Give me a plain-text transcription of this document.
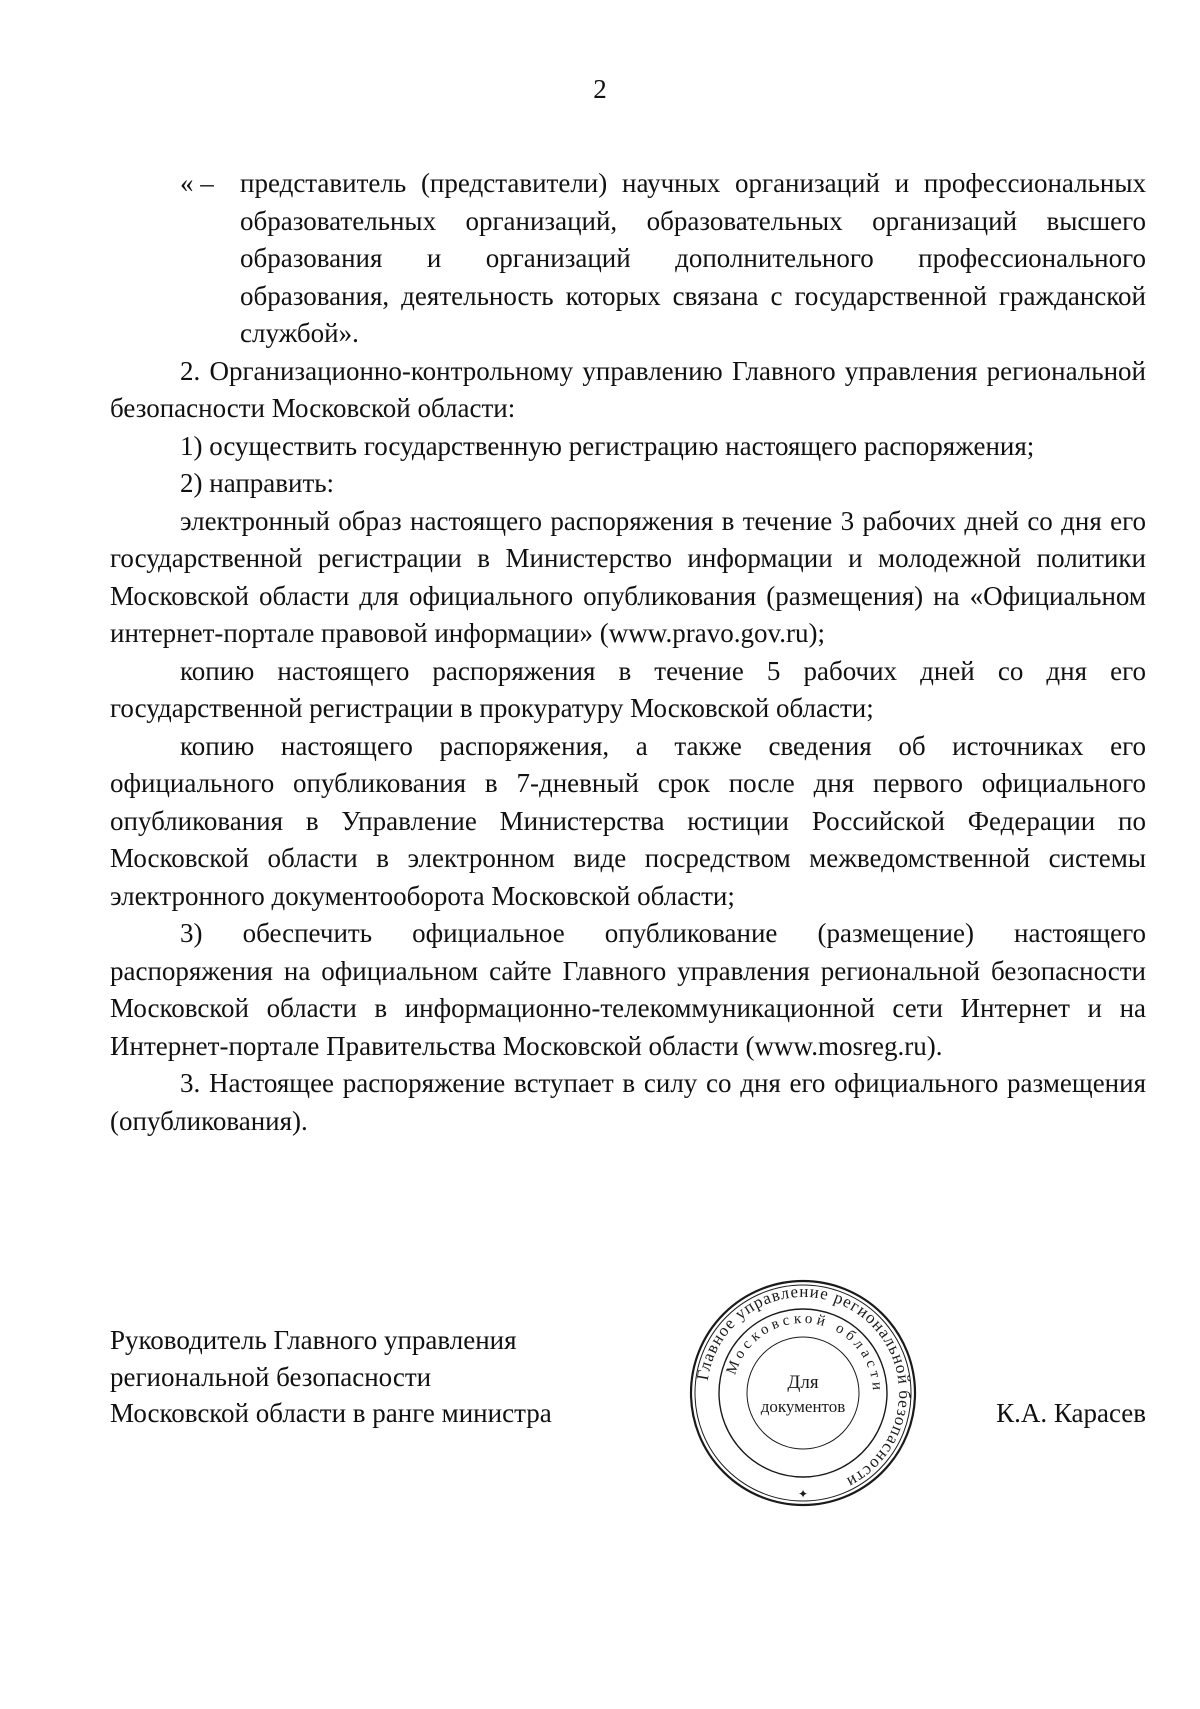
2

« – представитель (представители) научных организаций и профессиональных образовательных организаций, образовательных организаций высшего образования и организаций дополнительного профессионального образования, деятельность которых связана с государственной гражданской службой».

2. Организационно-контрольному управлению Главного управления региональной безопасности Московской области:

1) осуществить государственную регистрацию настоящего распоряжения;

2) направить:

электронный образ настоящего распоряжения в течение 3 рабочих дней со дня его государственной регистрации в Министерство информации и молодежной политики Московской области для официального опубликования (размещения) на «Официальном интернет-портале правовой информации» (www.pravo.gov.ru);

копию настоящего распоряжения в течение 5 рабочих дней со дня его государственной регистрации в прокуратуру Московской области;

копию настоящего распоряжения, а также сведения об источниках его официального опубликования в 7-дневный срок после дня первого официального опубликования в Управление Министерства юстиции Российской Федерации по Московской области в электронном виде посредством межведомственной системы электронного документооборота Московской области;

3) обеспечить официальное опубликование (размещение) настоящего распоряжения на официальном сайте Главного управления региональной безопасности Московской области в информационно-телекоммуникационной сети Интернет и на Интернет-портале Правительства Московской области (www.mosreg.ru).

3. Настоящее распоряжение вступает в силу со дня его официального размещения (опубликования).

Руководитель Главного управления
региональной безопасности
Московской области в ранге министра
Главное управление региональной безопасности
Московской области
Для
документов
✦
К.А. Карасев
